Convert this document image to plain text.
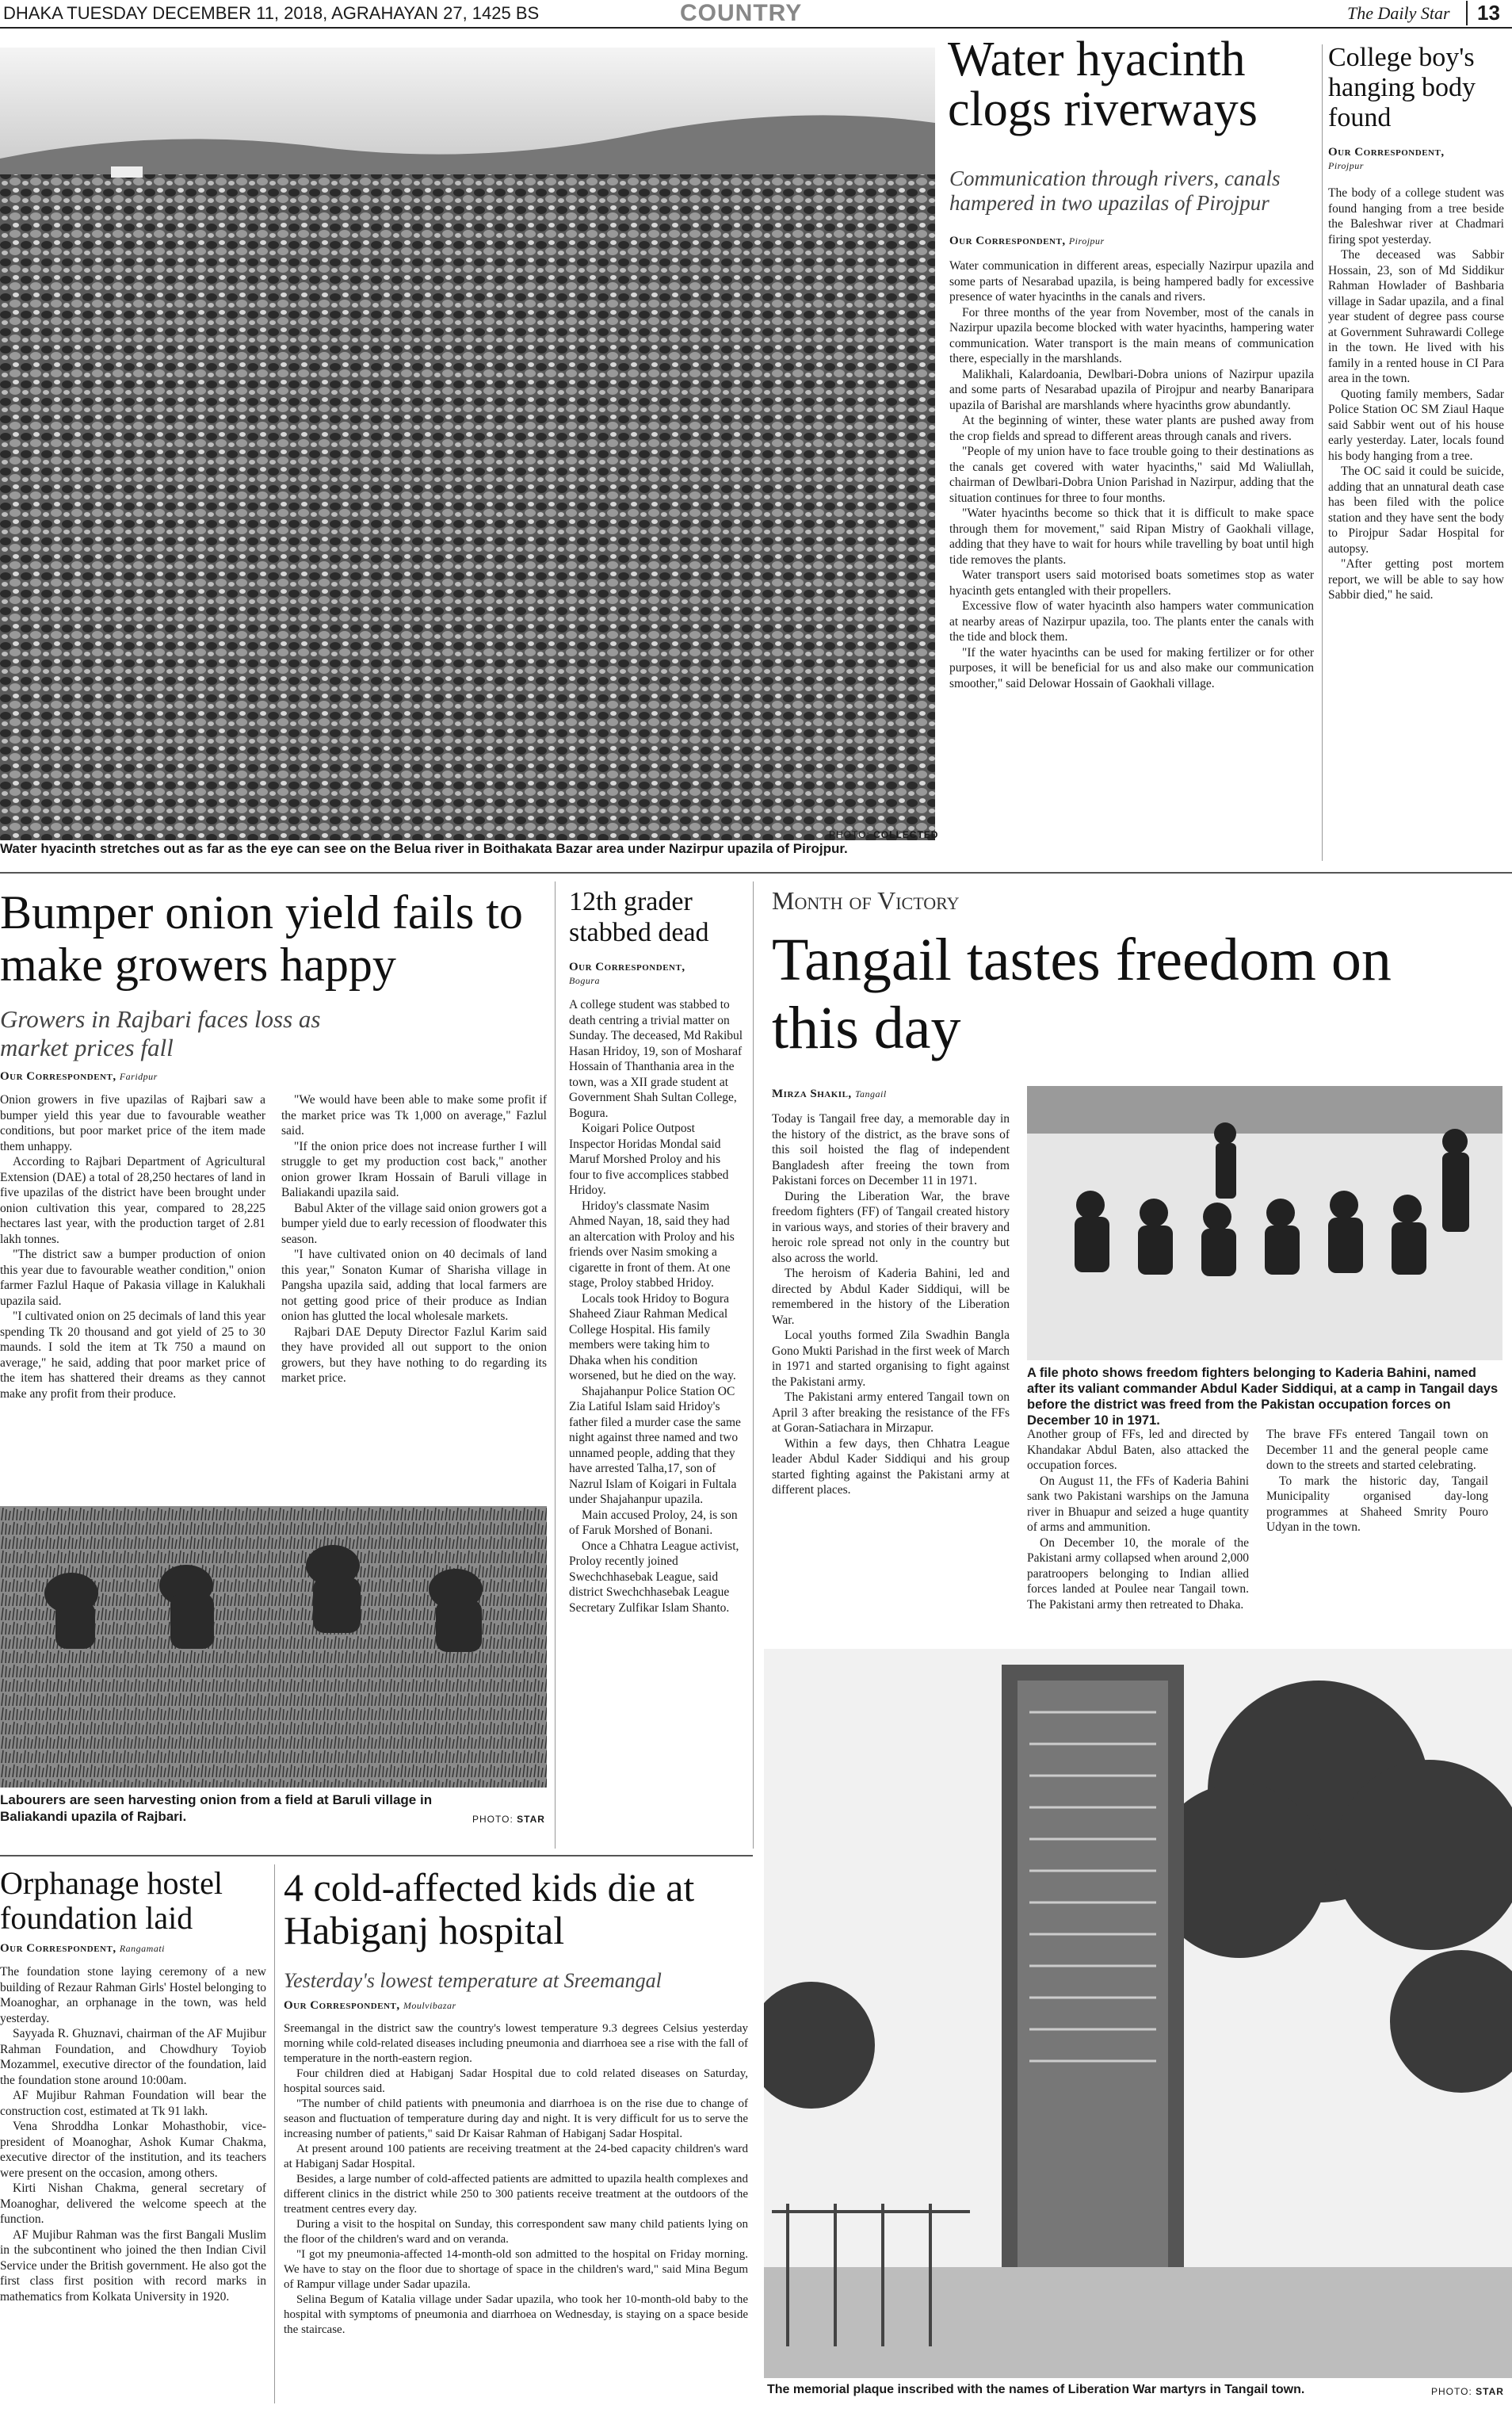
DHAKA TUESDAY DECEMBER 11, 2018, AGRAHAYAN 27, 1425 BS	COUNTRY	The Daily Star	13
Water hyacinth stretches out as far as the eye can see on the Belua river in Boithakata Bazar area under Nazirpur upazila of Pirojpur.
PHOTO: COLLECTED
Water hyacinth clogs riverways
Communication through rivers, canals hampered in two upazilas of Pirojpur
Our Correspondent, Pirojpur

Water communication in different areas, especially Nazirpur upazila and some parts of Nesarabad upazila, is being hampered badly for excessive presence of water hyacinths in the canals and rivers.

For three months of the year from November, most of the canals in Nazirpur upazila become blocked with water hyacinths, hampering water communication. Water transport is the main means of communication there, especially in the marshlands.

Malikhali, Kalardoania, Dewlbari-Dobra unions of Nazirpur upazila and some parts of Nesarabad upazila of Pirojpur and nearby Banaripara upazila of Barishal are marshlands where hyacinths grow abundantly.

At the beginning of winter, these water plants are pushed away from the crop fields and spread to different areas through canals and rivers.

"People of my union have to face trouble going to their destinations as the canals get covered with water hyacinths," said Md Waliullah, chairman of Dewlbari-Dobra Union Parishad in Nazirpur, adding that the situation continues for three to four months.

"Water hyacinths become so thick that it is difficult to make space through them for movement," said Ripan Mistry of Gaokhali village, adding that they have to wait for hours while travelling by boat until high tide removes the plants.

Water transport users said motorised boats sometimes stop as water hyacinth gets entangled with their propellers.

Excessive flow of water hyacinth also hampers water communication at nearby areas of Nazirpur upazila, too. The plants enter the canals with the tide and block them.

"If the water hyacinths can be used for making fertilizer or for other purposes, it will be beneficial for us and also make our communication smoother," said Delowar Hossain of Gaokhali village.

College boy's hanging body found
Our Correspondent,
Pirojpur

The body of a college student was found hanging from a tree beside the Baleshwar river at Chadmari firing spot yesterday.

The deceased was Sabbir Hossain, 23, son of Md Siddikur Rahman Howlader of Bashbaria village in Sadar upazila, and a final year student of degree pass course at Government Suhrawardi College in the town. He lived with his family in a rented house in CI Para area in the town.

Quoting family members, Sadar Police Station OC SM Ziaul Haque said Sabbir went out of his house early yesterday. Later, locals found his body hanging from a tree.

The OC said it could be suicide, adding that an unnatural death case has been filed with the police station and they have sent the body to Pirojpur Sadar Hospital for autopsy.

"After getting post mortem report, we will be able to say how Sabbir died," he said.

Bumper onion yield fails to make growers happy
Growers in Rajbari faces loss as market prices fall
Our Correspondent, Faridpur

Onion growers in five upazilas of Rajbari saw a bumper yield this year due to favourable weather conditions, but poor market price of the item made them unhappy.

According to Rajbari Department of Agricultural Extension (DAE) a total of 28,250 hectares of land in five upazilas of the district have been brought under onion cultivation this year, compared to 28,225 hectares last year, with the production target of 2.81 lakh tonnes.

"The district saw a bumper production of onion this year due to favourable weather condition," onion farmer Fazlul Haque of Pakasia village in Kalukhali upazila said.

"I cultivated onion on 25 decimals of land this year spending Tk 20 thousand and got yield of 25 to 30 maunds. I sold the item at Tk 750 a maund on average," he said, adding that poor market price of the item has shattered their dreams as they cannot make any profit from their produce.

"We would have been able to make some profit if the market price was Tk 1,000 on average," Fazlul said.

"If the onion price does not increase further I will struggle to get my production cost back," another onion grower Ikram Hossain of Baruli village in Baliakandi upazila said.

Babul Akter of the village said onion growers got a bumper yield due to early recession of floodwater this season.

"I have cultivated onion on 40 decimals of land this year," Sonaton Kumar of Sharisha village in Pangsha upazila said, adding that local farmers are not getting good price of their produce as Indian onion has glutted the local wholesale markets.

Rajbari DAE Deputy Director Fazlul Karim said they have provided all out support to the onion growers, but they have nothing to do regarding its market price.

Labourers are seen harvesting onion from a field at Baruli village in Baliakandi upazila of Rajbari.	PHOTO: STAR
12th grader stabbed dead
Our Correspondent,
Bogura

A college student was stabbed to death centring a trivial matter on Sunday. The deceased, Md Rakibul Hasan Hridoy, 19, son of Mosharaf Hossain of Thanthania area in the town, was a XII grade student at Government Shah Sultan College, Bogura.

Koigari Police Outpost Inspector Horidas Mondal said Maruf Morshed Proloy and his four to five accomplices stabbed Hridoy.

Hridoy's classmate Nasim Ahmed Nayan, 18, said they had an altercation with Proloy and his friends over Nasim smoking a cigarette in front of them. At one stage, Proloy stabbed Hridoy.

Locals took Hridoy to Bogura Shaheed Ziaur Rahman Medical College Hospital. His family members were taking him to Dhaka when his condition worsened, but he died on the way.

Shajahanpur Police Station OC Zia Latiful Islam said Hridoy's father filed a murder case the same night against three named and two unnamed people, adding that they have arrested Talha,17, son of Nazrul Islam of Koigari in Fultala under Shajahanpur upazila.

Main accused Proloy, 24, is son of Faruk Morshed of Bonani.

Once a Chhatra League activist, Proloy recently joined Swechchhasebak League, said district Swechchhasebak League Secretary Zulfikar Islam Shanto.

Month of Victory
Tangail tastes freedom on this day
Mirza Shakil, Tangail
A file photo shows freedom fighters belonging to Kaderia Bahini, named after its valiant commander Abdul Kader Siddiqui, at a camp in Tangail days before the district was freed from the Pakistan occupation forces on December 10 in 1971.

Today is Tangail free day, a memorable day in the history of the district, as the brave sons of this soil hoisted the flag of independent Bangladesh after freeing the town from Pakistani forces on December 11 in 1971.

During the Liberation War, the brave freedom fighters (FF) of Tangail created history in various ways, and stories of their bravery and heroic role spread not only in the country but also across the world.

The heroism of Kaderia Bahini, led and directed by Abdul Kader Siddiqui, will be remembered in the history of the Liberation War.

Local youths formed Zila Swadhin Bangla Gono Mukti Parishad in the first week of March in 1971 and started organising to fight against the Pakistani army.

The Pakistani army entered Tangail town on April 3 after breaking the resistance of the FFs at Goran-Satiachara in Mirzapur.

Within a few days, then Chhatra League leader Abdul Kader Siddiqui and his group started fighting against the Pakistani army at different places.

Another group of FFs, led and directed by Khandakar Abdul Baten, also attacked the occupation forces.

On August 11, the FFs of Kaderia Bahini sank two Pakistani warships on the Jamuna river in Bhuapur and seized a huge quantity of arms and ammunition.

On December 10, the morale of the Pakistani army collapsed when around 2,000 paratroopers belonging to Indian allied forces landed at Poulee near Tangail town. The Pakistani army then retreated to Dhaka.

The brave FFs entered Tangail town on December 11 and the general people came down to the streets and started celebrating.

To mark the historic day, Tangail Municipality organised day-long programmes at Shaheed Smrity Pouro Udyan in the town.

The memorial plaque inscribed with the names of Liberation War martyrs in Tangail town.	PHOTO: STAR
Orphanage hostel foundation laid
Our Correspondent, Rangamati

The foundation stone laying ceremony of a new building of Rezaur Rahman Girls' Hostel belonging to Moanoghar, an orphanage in the town, was held yesterday.

Sayyada R. Ghuznavi, chairman of the AF Mujibur Rahman Foundation, and Chowdhury Toyiob Mozammel, executive director of the foundation, laid the foundation stone around 10:00am.

AF Mujibur Rahman Foundation will bear the construction cost, estimated at Tk 91 lakh.

Vena Shroddha Lonkar Mohasthobir, vice-president of Moanoghar, Ashok Kumar Chakma, executive director of the institution, and its teachers were present on the occasion, among others.

Kirti Nishan Chakma, general secretary of Moanoghar, delivered the welcome speech at the function.

AF Mujibur Rahman was the first Bangali Muslim in the subcontinent who joined the then Indian Civil Service under the British government. He also got the first class first position with record marks in mathematics from Kolkata University in 1920.

4 cold-affected kids die at Habiganj hospital
Yesterday's lowest temperature at Sreemangal
Our Correspondent, Moulvibazar

Sreemangal in the district saw the country's lowest temperature 9.3 degrees Celsius yesterday morning while cold-related diseases including pneumonia and diarrhoea see a rise with the fall of temperature in the north-eastern region.

Four children died at Habiganj Sadar Hospital due to cold related diseases on Saturday, hospital sources said.

"The number of child patients with pneumonia and diarrhoea is on the rise due to change of season and fluctuation of temperature during day and night. It is very difficult for us to serve the increasing number of patients," said Dr Kaisar Rahman of Habiganj Sadar Hospital.

At present around 100 patients are receiving treatment at the 24-bed capacity children's ward at Habiganj Sadar Hospital.

Besides, a large number of cold-affected patients are admitted to upazila health complexes and different clinics in the district while 250 to 300 patients receive treatment at the outdoors of the treatment centres every day.

During a visit to the hospital on Sunday, this correspondent saw many child patients lying on the floor of the children's ward and on veranda.

"I got my pneumonia-affected 14-month-old son admitted to the hospital on Friday morning. We have to stay on the floor due to shortage of space in the children's ward," said Mina Begum of Rampur village under Sadar upazila.

Selina Begum of Katalia village under Sadar upazila, who took her 10-month-old baby to the hospital with symptoms of pneumonia and diarrhoea on Wednesday, is staying on a space beside the staircase.
